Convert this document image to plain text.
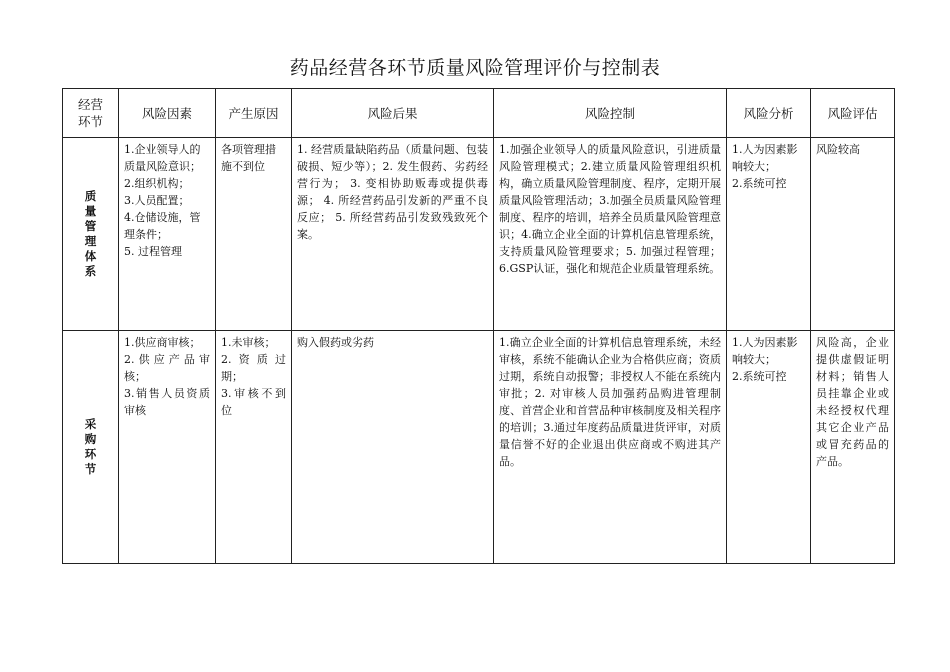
药品经营各环节质量风险管理评价与控制表
经营
环节	风险因素	产生原因	风险后果	风险控制	风险分析	风险评估
质量管理体系	1.企业领导人的质量风险意识；
2.组织机构；
3.人员配置；
4.仓储设施，管理条件；
5. 过程管理	各项管理措施不到位	1. 经营质量缺陷药品（质量问题、包装破损、短少等）；2. 发生假药、劣药经营行为； 3. 变相协助贩毒或提供毒源； 4. 所经营药品引发新的严重不良反应； 5. 所经营药品引发致残致死个案。	1.加强企业领导人的质量风险意识，引进质量风险管理模式；2.建立质量风险管理组织机构，确立质量风险管理制度、程序，定期开展质量风险管理活动；3.加强全员质量风险管理制度、程序的培训，培养全员质量风险管理意识；4.确立企业全面的计算机信息管理系统，支持质量风险管理要求；5. 加强过程管理；6.GSP认证，强化和规范企业质量管理系统。	1.人为因素影响较大；
2.系统可控	风险较高
采购环节	1.供应商审核；
2.供应产品审核；
3.销售人员资质审核	1.未审核；
2.资质过期；
3.审核不到位	购入假药或劣药	1.确立企业全面的计算机信息管理系统，未经审核，系统不能确认企业为合格供应商；资质过期，系统自动报警；非授权人不能在系统内审批；2. 对审核人员加强药品购进管理制度、首营企业和首营品种审核制度及相关程序的培训；3.通过年度药品质量进货评审，对质量信誉不好的企业退出供应商或不购进其产品。	1.人为因素影响较大；
2.系统可控	风险高，企业提供虚假证明材料；销售人员挂靠企业或未经授权代理其它企业产品或冒充药品的产品。
